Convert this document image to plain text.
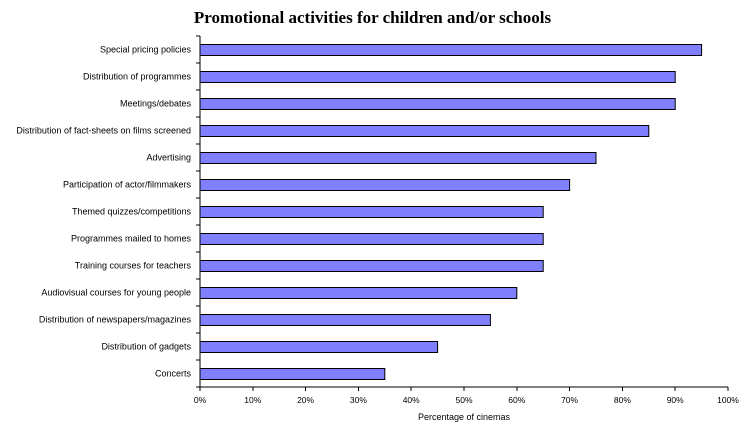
Promotional activities for children and/or schools
0%	10%	20%	30%	40%	50%	60%	70%	80%	90%	100%
Special pricing policies
Distribution of programmes
Meetings/debates
Distribution of fact-sheets on films screened
Advertising
Participation of actor/filmmakers
Themed quizzes/competitions
Programmes mailed to homes
Training courses for teachers
Audiovisual courses for young people
Distribution of newspapers/magazines
Distribution of gadgets
Concerts
Percentage of cinemas
